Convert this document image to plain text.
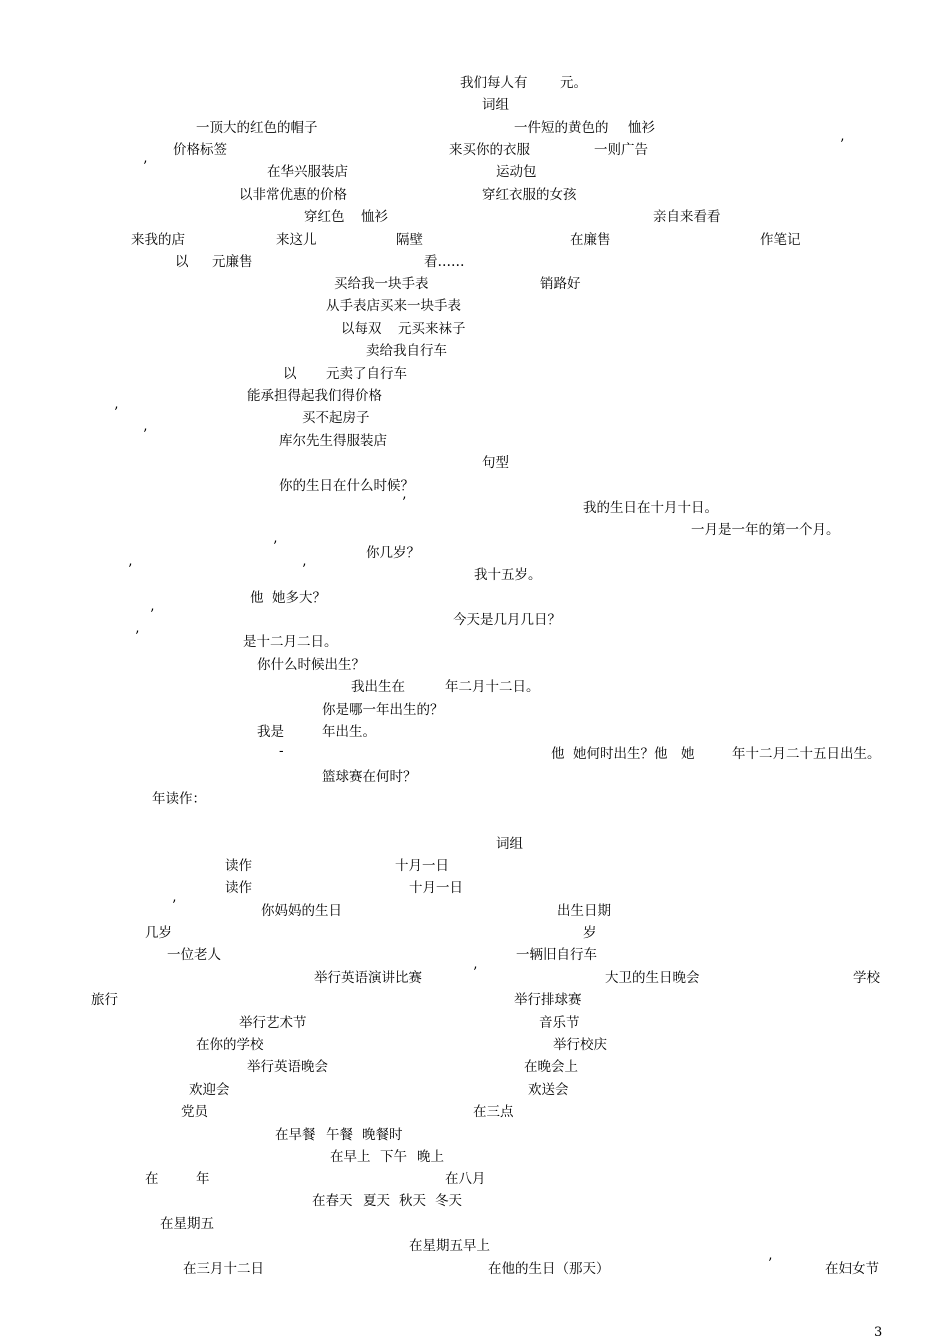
我们每人有 元。
词组
一顶大的红色的帽子	一件短的黄色的 恤衫
价格标签	来买你的衣服	一则广告	’
’	在华兴服装店	运动包
以非常优惠的价格	穿红衣服的女孩
穿红色 恤衫	亲自来看看
来我的店	来这儿	隔壁	在廉售	作笔记
以 元廉售	看……
买给我一块手表	销路好
从手表店买来一块手表
以每双 元买来袜子
卖给我自行车
以 元卖了自行车
能承担得起我们得价格
’	买不起房子
’	库尔先生得服装店
句型
你的生日在什么时候？
’	我的生日在十月十日。
一月是一年的第一个月。
’	你几岁？
’	’	我十五岁。
他 她多大？
’	今天是几月几日？
’	是十二月二日。
你什么时候出生？
我出生在	年二月十二日。
你是哪一年出生的？
我是	年出生。
-	他 她何时出生？他 她	年十二月二十五日出生。
篮球赛在何时？
年读作：
词组
读作	十月一日
读作	十月一日
’	你妈妈的生日	出生日期
几岁	岁
一位老人	一辆旧自行车
举行英语演讲比赛	’	大卫的生日晚会	学校
旅行	举行排球赛
举行艺术节	音乐节
在你的学校	举行校庆
举行英语晚会	在晚会上
欢迎会	欢送会
党员	在三点
在早餐 午餐 晚餐时
在早上 下午 晚上
在	年	在八月
在春天 夏天 秋天 冬天
在星期五
在星期五早上
在三月十二日	在他的生日（那天）	’	在妇女节
3
